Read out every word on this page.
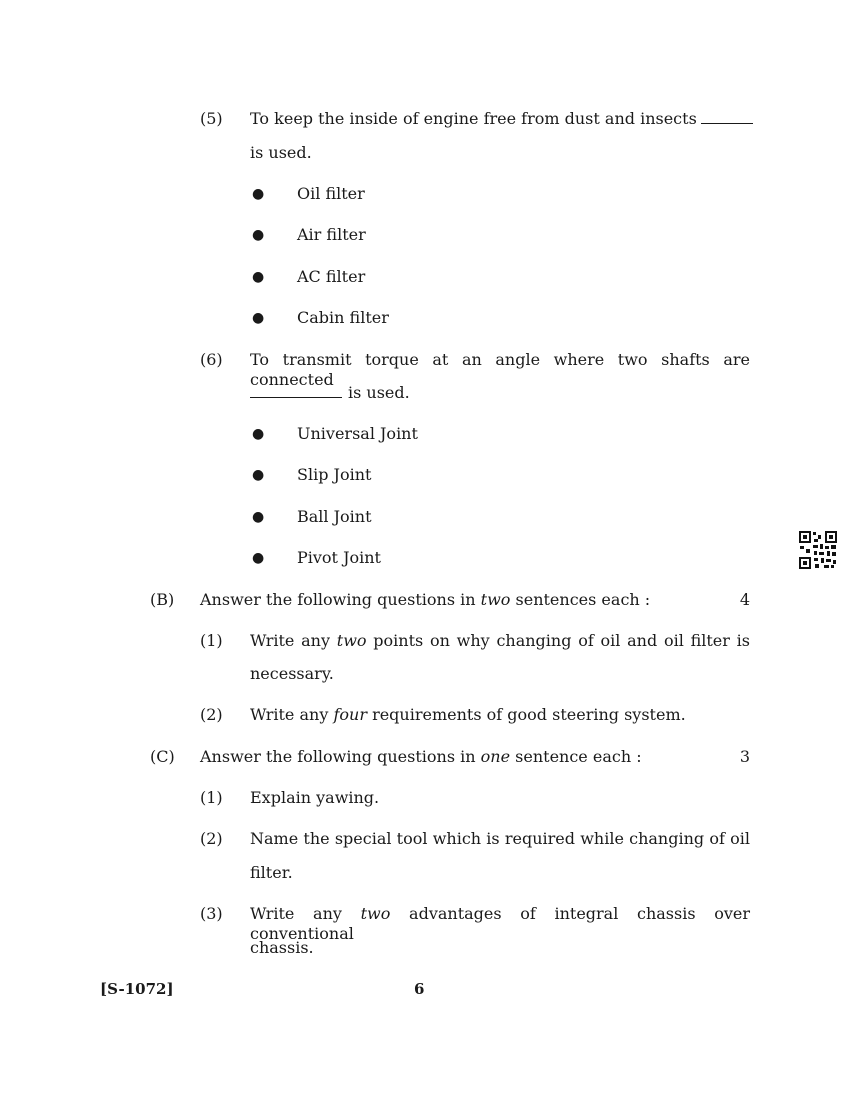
(5) To keep the inside of engine free from dust and insects
is used.
● Oil filter
● Air filter
● AC filter
● Cabin filter
(6) To transmit torque at an angle where two shafts are connected
is used.
● Universal Joint
● Slip Joint
● Ball Joint
● Pivot Joint
(B) Answer the following questions in two sentences each :	4
(1) Write any two points on why changing of oil and oil filter is
necessary.
(2) Write any four requirements of good steering system.
(C) Answer the following questions in one sentence each :	3
(1) Explain yawing.
(2) Name the special tool which is required while changing of oil
filter.
(3) Write any two advantages of integral chassis over conventional
chassis.
[S-1072]	6
